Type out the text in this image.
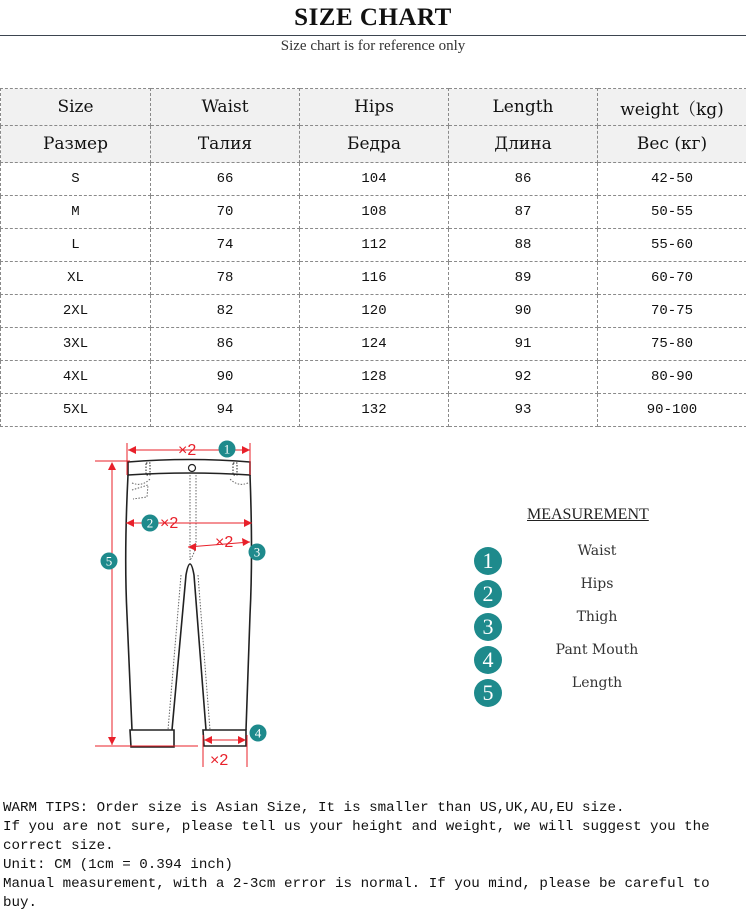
SIZE CHART
Size chart is for reference only
Size	Waist	Hips	Length	weight（kg)
Размер	Талия	Бедра	Длина	Вес (кг)
S	66	104	86	42-50
M	70	108	87	50-55
L	74	112	88	55-60
XL	78	116	89	60-70
2XL	82	120	90	70-75
3XL	86	124	91	75-80
4XL	90	128	92	80-90
5XL	94	132	93	90-100
×2
×2
×2
×2
1
2
3
4
5
MEASUREMENT
1	Waist
2	Hips
3	Thigh
4	Pant Mouth
5	Length
WARM TIPS: Order size is Asian Size, It is smaller than US,UK,AU,EU size.
If you are not sure, please tell us your height and weight, we will suggest you the correct size.
Unit: CM (1cm = 0.394 inch)
Manual measurement, with a 2-3cm error is normal. If you mind, please be careful to buy.
